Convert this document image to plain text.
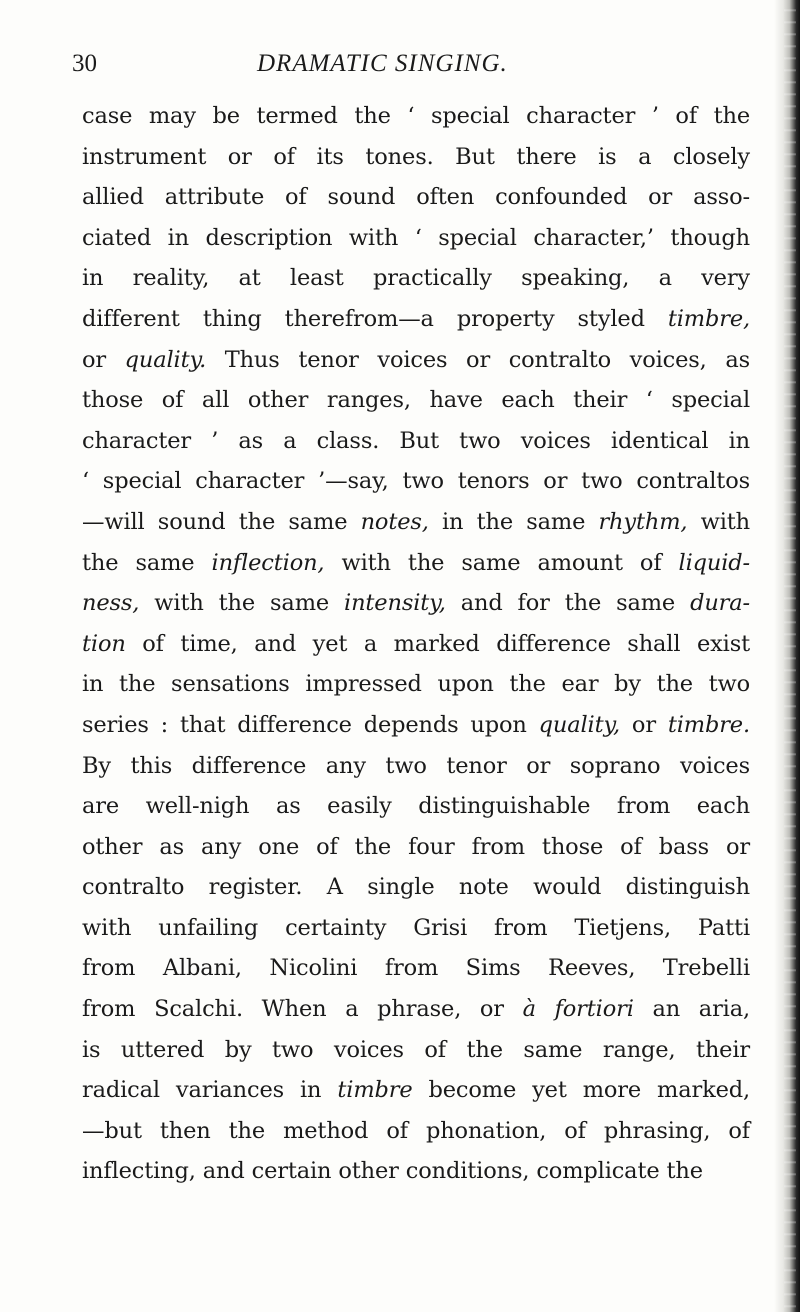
30	DRAMATIC SINGING.
case may be termed the ‘ special character ’ of the
instrument or of its tones. But there is a closely
allied attribute of sound often confounded or asso-
ciated in description with ‘ special character,’ though
in reality, at least practically speaking, a very
different thing therefrom—a property styled timbre,
or quality. Thus tenor voices or contralto voices, as
those of all other ranges, have each their ‘ special
character ’ as a class. But two voices identical in
‘ special character ’—say, two tenors or two contraltos
—will sound the same notes, in the same rhythm, with
the same inflection, with the same amount of liquid-
ness, with the same intensity, and for the same dura-
tion of time, and yet a marked difference shall exist
in the sensations impressed upon the ear by the two
series : that difference depends upon quality, or timbre.
By this difference any two tenor or soprano voices
are well-nigh as easily distinguishable from each
other as any one of the four from those of bass or
contralto register. A single note would distinguish
with unfailing certainty Grisi from Tietjens, Patti
from Albani, Nicolini from Sims Reeves, Trebelli
from Scalchi. When a phrase, or à fortiori an aria,
is uttered by two voices of the same range, their
radical variances in timbre become yet more marked,
—but then the method of phonation, of phrasing, of
inflecting, and certain other conditions, complicate the
